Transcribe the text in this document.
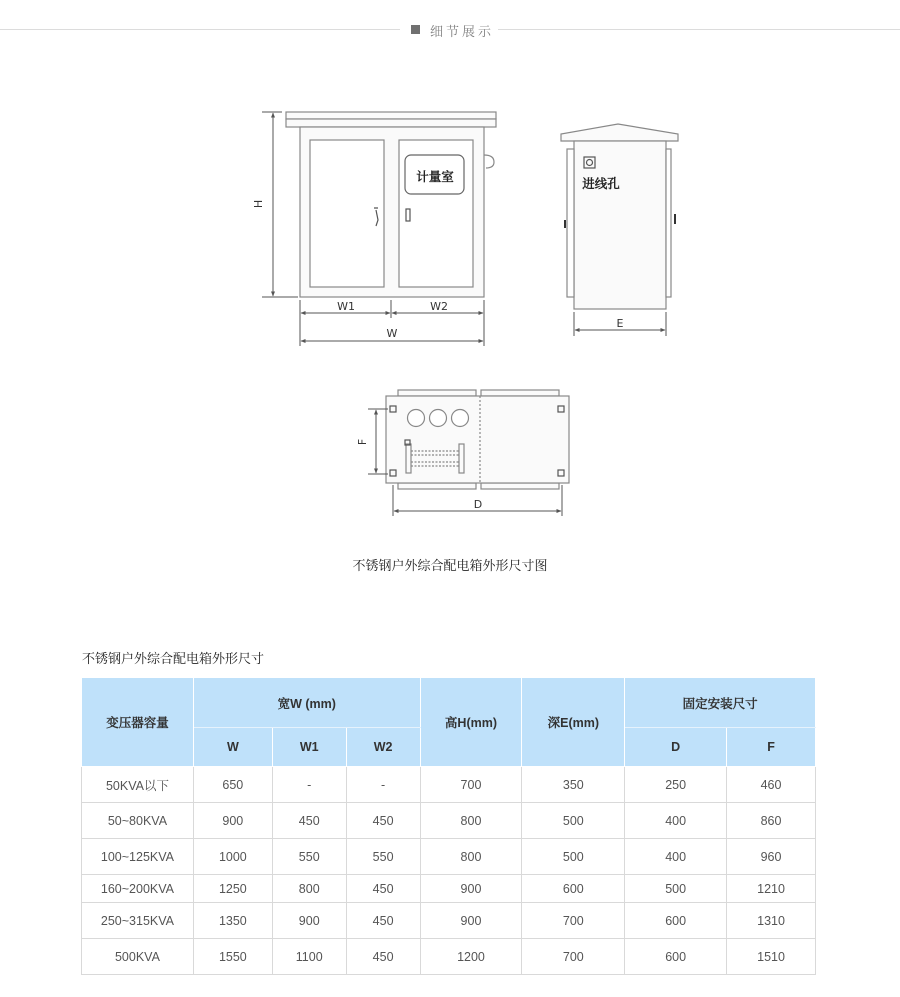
细节展示
计量室
H
W1	W2
W
进线孔
E
F
D
不锈钢户外综合配电箱外形尺寸图
不锈钢户外综合配电箱外形尺寸
变压器容量	宽W (mm)			高H(mm)	深E(mm)	固定安装尺寸	
	W	W1	W2			D	F
50KVA以下	650	-	-	700	350	250	460
50~80KVA	900	450	450	800	500	400	860
100~125KVA	1000	550	550	800	500	400	960
160~200KVA	1250	800	450	900	600	500	1210
250~315KVA	1350	900	450	900	700	600	1310
500KVA	1550	1100	450	1200	700	600	1510
